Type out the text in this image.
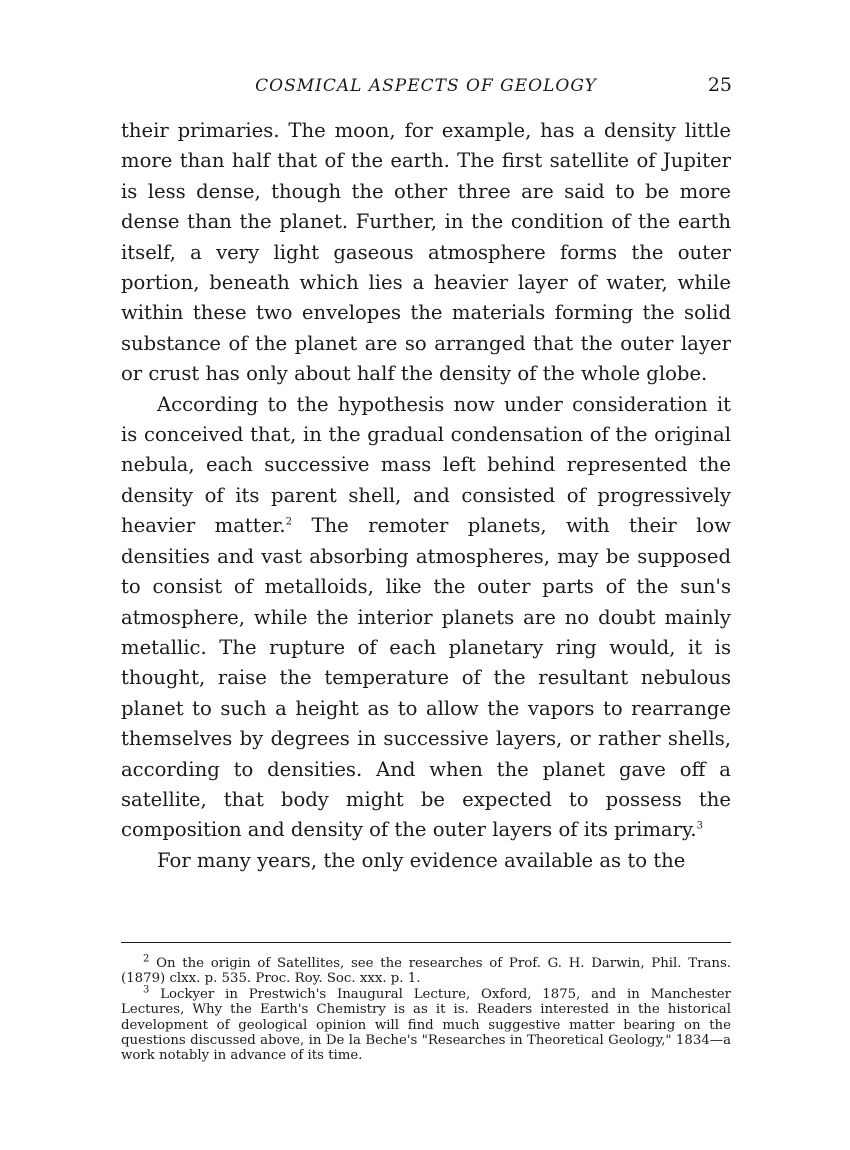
COSMICAL ASPECTS OF GEOLOGY	25

their primaries. The moon, for example, has a density little more than half that of the earth. The first satellite of Jupiter is less dense, though the other three are said to be more dense than the planet. Further, in the condition of the earth itself, a very light gaseous atmosphere forms the outer portion, beneath which lies a heavier layer of water, while within these two envelopes the materials forming the solid substance of the planet are so arranged that the outer layer or crust has only about half the density of the whole globe.

According to the hypothesis now under consideration it is conceived that, in the gradual condensation of the original nebula, each successive mass left behind represented the density of its parent shell, and consisted of progressively heavier matter.$^2$ The remoter planets, with their low densities and vast absorbing atmospheres, may be supposed to consist of metalloids, like the outer parts of the sun's atmosphere, while the interior planets are no doubt mainly metallic. The rupture of each planetary ring would, it is thought, raise the temperature of the resultant nebulous planet to such a height as to allow the vapors to rearrange themselves by degrees in successive layers, or rather shells, according to densities. And when the planet gave off a satellite, that body might be expected to possess the composition and density of the outer layers of its primary.$^3$

For many years, the only evidence available as to the

$^2$ On the origin of Satellites, see the researches of Prof. G. H. Darwin, Phil. Trans. (1879) clxx. p. 535. Proc. Roy. Soc. xxx. p. 1.

$^3$ Lockyer in Prestwich's Inaugural Lecture, Oxford, 1875, and in Manchester Lectures, Why the Earth's Chemistry is as it is. Readers interested in the historical development of geological opinion will find much suggestive matter bearing on the questions discussed above, in De la Beche's "Researches in Theoretical Geology," 1834—a work notably in advance of its time.
